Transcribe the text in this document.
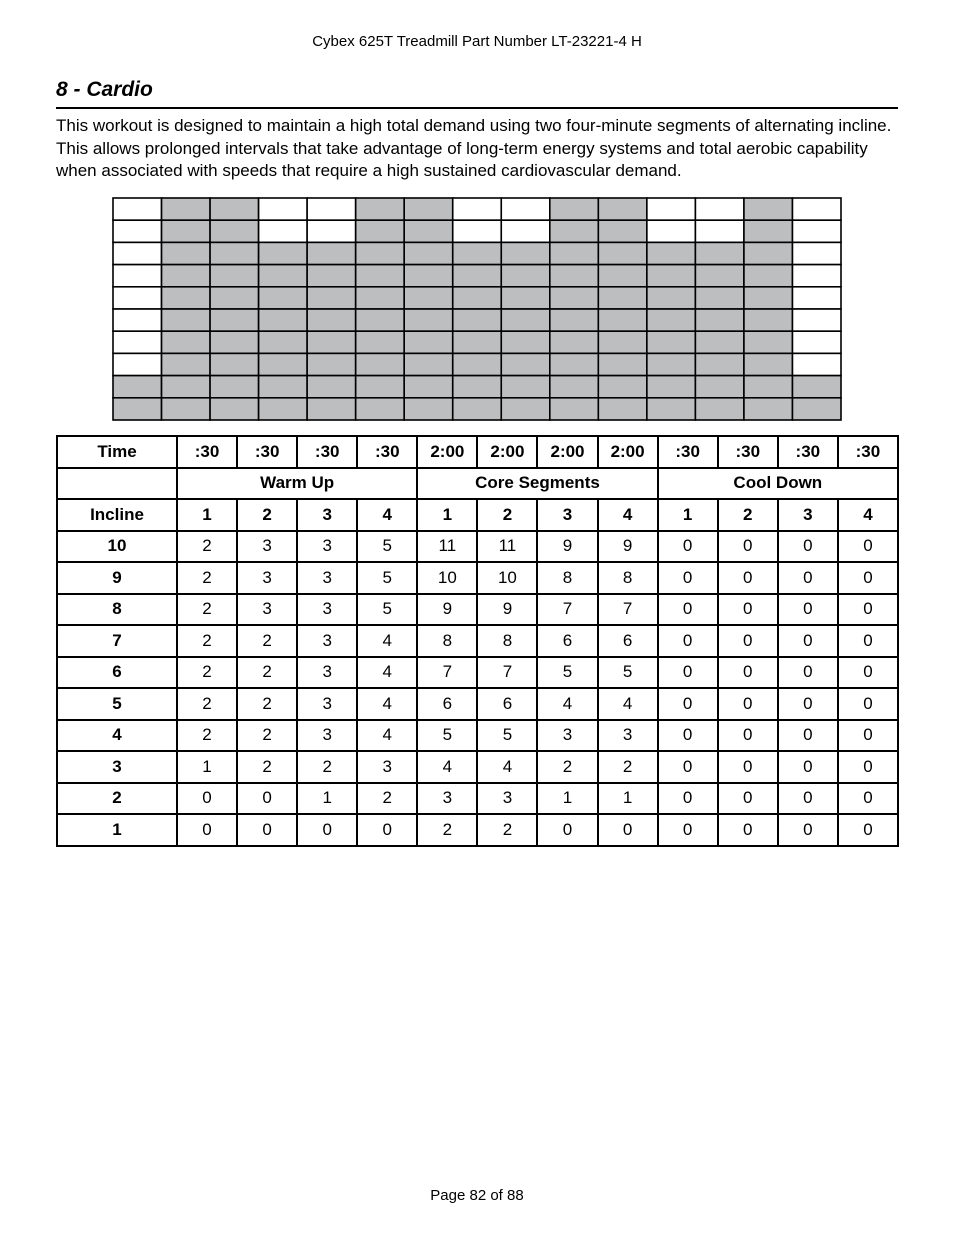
Cybex 625T Treadmill Part Number LT-23221-4 H
8 - Cardio
This workout is designed to maintain a high total demand using two four-minute segments of alternating incline. This allows prolonged intervals that take advantage of long-term energy systems and total aerobic capability when associated with speeds that require a high sustained cardiovascular demand.
Time	:30	:30	:30	:30	2:00	2:00	2:00	2:00	:30	:30	:30	:30
	Warm Up				Core Segments				Cool Down			
Incline	1	2	3	4	1	2	3	4	1	2	3	4
10	2	3	3	5	11	11	9	9	0	0	0	0
9	2	3	3	5	10	10	8	8	0	0	0	0
8	2	3	3	5	9	9	7	7	0	0	0	0
7	2	2	3	4	8	8	6	6	0	0	0	0
6	2	2	3	4	7	7	5	5	0	0	0	0
5	2	2	3	4	6	6	4	4	0	0	0	0
4	2	2	3	4	5	5	3	3	0	0	0	0
3	1	2	2	3	4	4	2	2	0	0	0	0
2	0	0	1	2	3	3	1	1	0	0	0	0
1	0	0	0	0	2	2	0	0	0	0	0	0
Page 82 of 88
